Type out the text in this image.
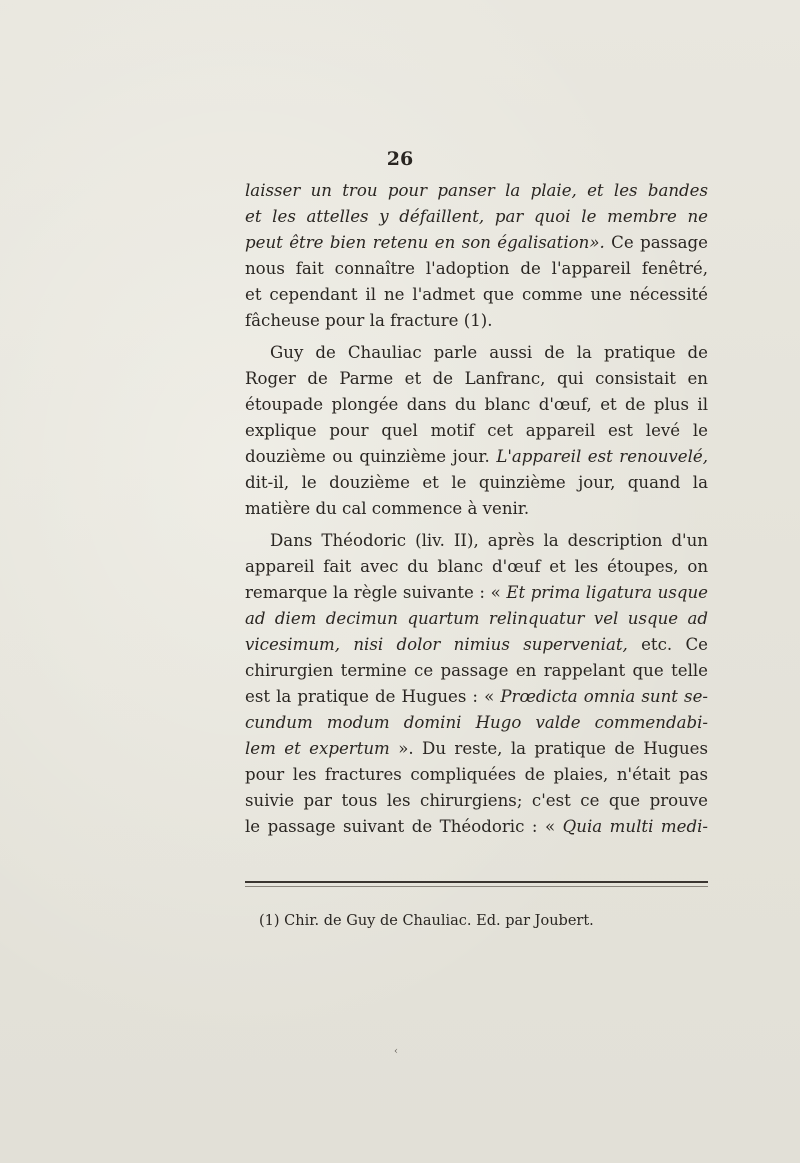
26
laisser un trou pour panser la plaie, et les bandes
et les attelles y défaillent, par quoi le membre ne
peut être bien retenu en son égalisation». Ce passage
nous fait connaître l'adoption de l'appareil fenêtré,
et cependant il ne l'admet que comme une nécessité
fâcheuse pour la fracture (1).
Guy de Chauliac parle aussi de la pratique de
Roger de Parme et de Lanfranc, qui consistait en
étoupade plongée dans du blanc d'œuf, et de plus il
explique pour quel motif cet appareil est levé le
douzième ou quinzième jour. L'appareil est renouvelé,
dit-il, le douzième et le quinzième jour, quand la
matière du cal commence à venir.
Dans Théodoric (liv. II), après la description d'un
appareil fait avec du blanc d'œuf et les étoupes, on
remarque la règle suivante : « Et prima ligatura usque
ad diem decimun quartum relinquatur vel usque ad
vicesimum, nisi dolor nimius superveniat, etc. Ce
chirurgien termine ce passage en rappelant que telle
est la pratique de Hugues : « Prœdicta omnia sunt se-
cundum modum domini Hugo valde commendabi-
lem et expertum ». Du reste, la pratique de Hugues
pour les fractures compliquées de plaies, n'était pas
suivie par tous les chirurgiens; c'est ce que prouve
le passage suivant de Théodoric : « Quia multi medi-
(1) Chir. de Guy de Chauliac. Ed. par Joubert.
‹
